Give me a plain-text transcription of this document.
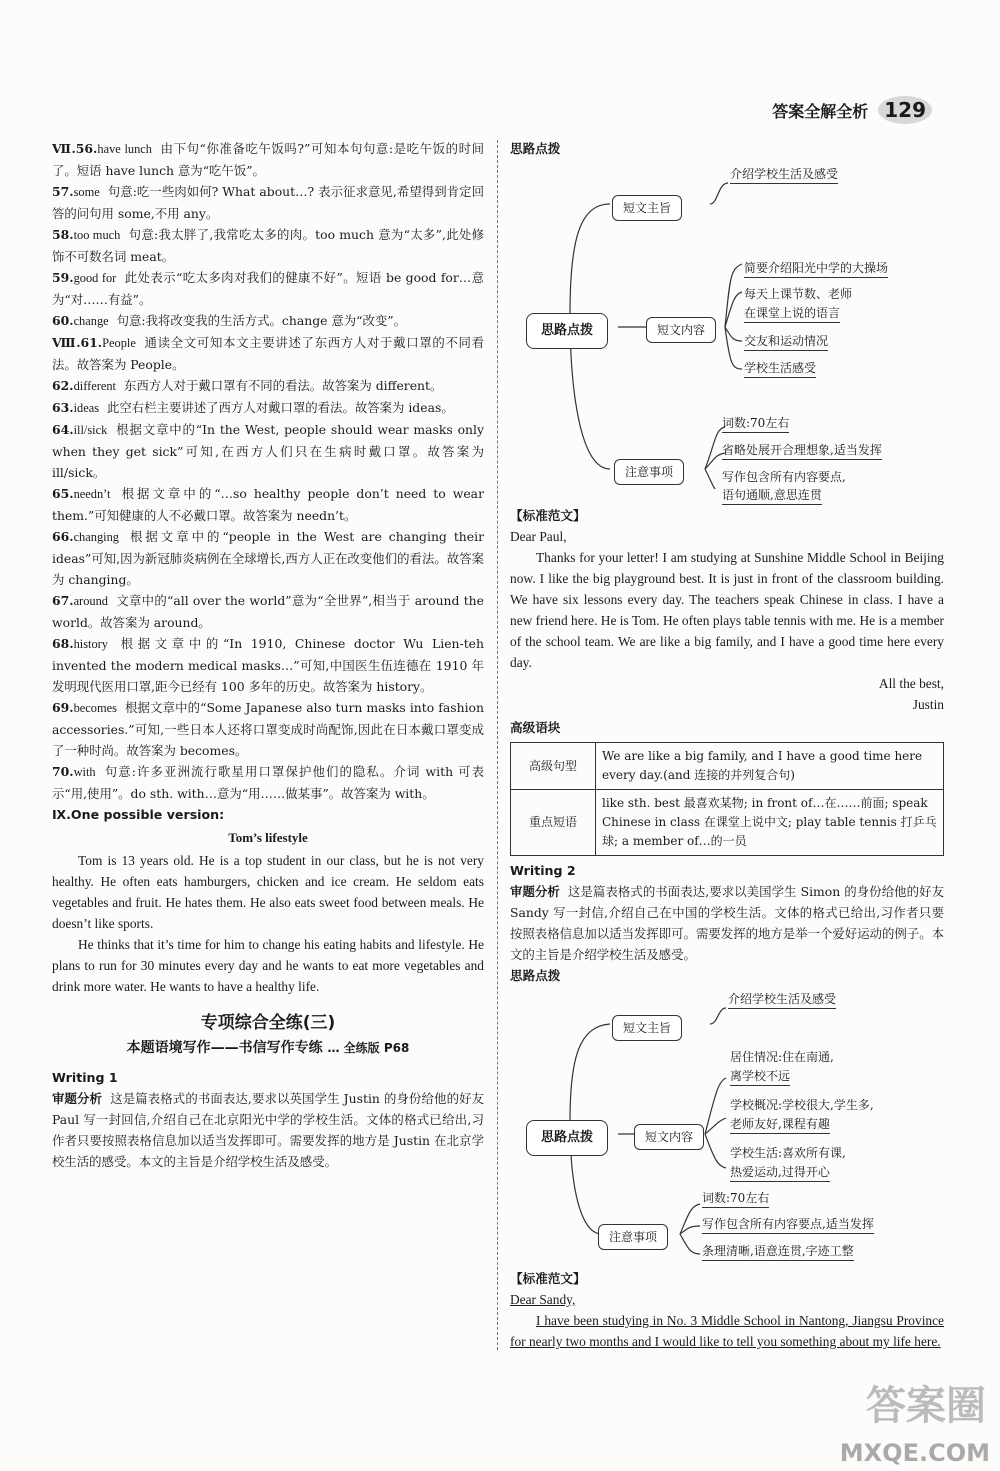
答案全解全析 129
Ⅶ.56.have lunch 由下句“你准备吃午饭吗?”可知本句句意:是吃午饭的时间了。短语 have lunch 意为“吃午饭”。
57.some 句意:吃一些肉如何? What about…? 表示征求意见,希望得到肯定回答的问句用 some,不用 any。
58.too much 句意:我太胖了,我常吃太多的肉。too much 意为“太多”,此处修饰不可数名词 meat。
59.good for 此处表示“吃太多肉对我们的健康不好”。短语 be good for…意为“对……有益”。
60.change 句意:我将改变我的生活方式。change 意为“改变”。
Ⅷ.61.People 通读全文可知本文主要讲述了东西方人对于戴口罩的不同看法。故答案为 People。
62.different 东西方人对于戴口罩有不同的看法。故答案为 different。
63.ideas 此空右栏主要讲述了西方人对戴口罩的看法。故答案为 ideas。
64.ill/sick 根据文章中的“In the West, people should wear masks only when they get sick”可知,在西方人们只在生病时戴口罩。故答案为 ill/sick。
65.needn’t 根据文章中的“…so healthy people don’t need to wear them.”可知健康的人不必戴口罩。故答案为 needn’t。
66.changing 根据文章中的“people in the West are changing their ideas”可知,因为新冠肺炎病例在全球增长,西方人正在改变他们的看法。故答案为 changing。
67.around 文章中的“all over the world”意为“全世界”,相当于 around the world。故答案为 around。
68.history 根据文章中的“In 1910, Chinese doctor Wu Lien-teh invented the modern medical masks…”可知,中国医生伍连德在 1910 年发明现代医用口罩,距今已经有 100 多年的历史。故答案为 history。
69.becomes 根据文章中的“Some Japanese also turn masks into fashion accessories.”可知,一些日本人还将口罩变成时尚配饰,因此在日本戴口罩变成了一种时尚。故答案为 becomes。
70.with 句意:许多亚洲流行歌星用口罩保护他们的隐私。介词 with 可表示“用,使用”。do sth. with…意为“用……做某事”。故答案为 with。
Ⅸ.One possible version:
Tom’s lifestyle

Tom is 13 years old. He is a top student in our class, but he is not very healthy. He often eats hamburgers, chicken and ice cream. He seldom eats vegetables and fruit. He hates them. He also eats sweet food between meals. He doesn’t like sports.

He thinks that it’s time for him to change his eating habits and lifestyle. He plans to run for 30 minutes every day and he wants to eat more vegetables and drink more water. He wants to have a healthy life.

专项综合全练(三)
本题语境写作——书信写作专练 … 全练版 P68
Writing 1
审题分析 这是篇表格式的书面表达,要求以英国学生 Justin 的身份给他的好友 Paul 写一封回信,介绍自己在北京阳光中学的学校生活。文体的格式已给出,习作者只要按照表格信息加以适当发挥即可。需要发挥的地方是 Justin 在北京学校生活的感受。本文的主旨是介绍学校生活及感受。
思路点拨
思路点拨
短文主旨
介绍学校生活及感受
短文内容
简要介绍阳光中学的大操场
每天上课节数、老师
在课堂上说的语言
交友和运动情况
学校生活感受
注意事项
词数:70左右
省略处展开合理想象,适当发挥
写作包含所有内容要点,
语句通顺,意思连贯
【标准范文】
Dear Paul,

Thanks for your letter! I am studying at Sunshine Middle School in Beijing now. I like the big playground best. It is just in front of the classroom building. We have six lessons every day. The teachers speak Chinese in class. I have a new friend here. He is Tom. He often plays table tennis with me. He is a member of the school team. We are like a big family, and I have a good time here every day.

All the best,
Justin
高级语块
高级句型	We are like a big family, and I have a good time here every day.(and 连接的并列复合句)
重点短语	like sth. best 最喜欢某物; in front of…在……前面; speak Chinese in class 在课堂上说中文; play table tennis 打乒乓球; a member of…的一员
Writing 2
审题分析 这是篇表格式的书面表达,要求以美国学生 Simon 的身份给他的好友 Sandy 写一封信,介绍自己在中国的学校生活。文体的格式已给出,习作者只要按照表格信息加以适当发挥即可。需要发挥的地方是举一个爱好运动的例子。本文的主旨是介绍学校生活及感受。
思路点拨
思路点拨
短文主旨
介绍学校生活及感受
短文内容
居住情况:住在南通,
离学校不远
学校概况:学校很大,学生多,
老师友好,课程有趣
学校生活:喜欢所有课,
热爱运动,过得开心
注意事项
词数:70左右
写作包含所有内容要点,适当发挥
条理清晰,语意连贯,字迹工整
【标准范文】
Dear Sandy,

I have been studying in No. 3 Middle School in Nantong, Jiangsu Province for nearly two months and I would like to tell you something about my life here.

答案圈
MXQE.COM
